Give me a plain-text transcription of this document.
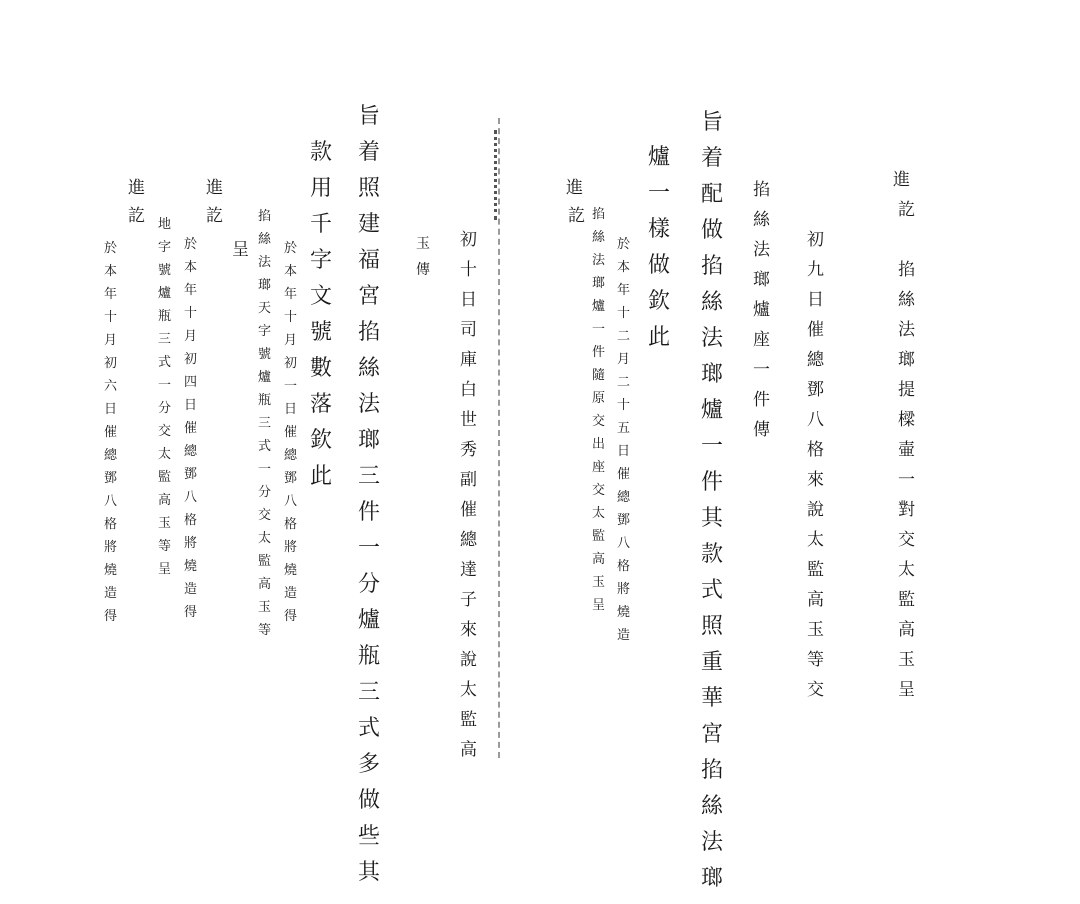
進
訖

掐
絲
法
瑯
提
樑
壷
一
對
交
太
監
高
玉
呈
初
九
日
催
總
鄧
八
格
來
說
太
監
高
玉
等
交
掐
絲
法
瑯
爐
座
一
件
傳
旨
着
配
做
掐
絲
法
瑯
爐
一
件
其
款
式
照
重
華
宮
掐
絲
法
瑯
爐
一
樣
做
欽
此
掐
絲
法
瑯
爐
一
件
隨
原
交
出
座
交
太
監
高
玉
呈
於
本
年
十
二
月
二
十
五
日
催
總
鄧
八
格
將
燒
造
進
訖
初
十
日
司
庫
白
世
秀
副
催
總
達
子
來
說
太
監
高
玉
傳
旨
着
照
建
福
宮
掐
絲
法
瑯
三
件
一
分
爐
瓶
三
式
多
做
些
其
款
用
千
字
文
號
數
落
欽
此
掐
絲
法
瑯
天
字
號
爐
瓶
三
式
一
分
交
太
監
高
玉
等
於
本
年
十
月
初
一
日
催
總
鄧
八
格
將
燒
造
得
呈
進
訖
地
字
號
爐
瓶
三
式
一
分
交
太
監
高
玉
等
呈
於
本
年
十
月
初
四
日
催
總
鄧
八
格
將
燒
造
得
進
訖
於
本
年
十
月
初
六
日
催
總
鄧
八
格
將
燒
造
得
